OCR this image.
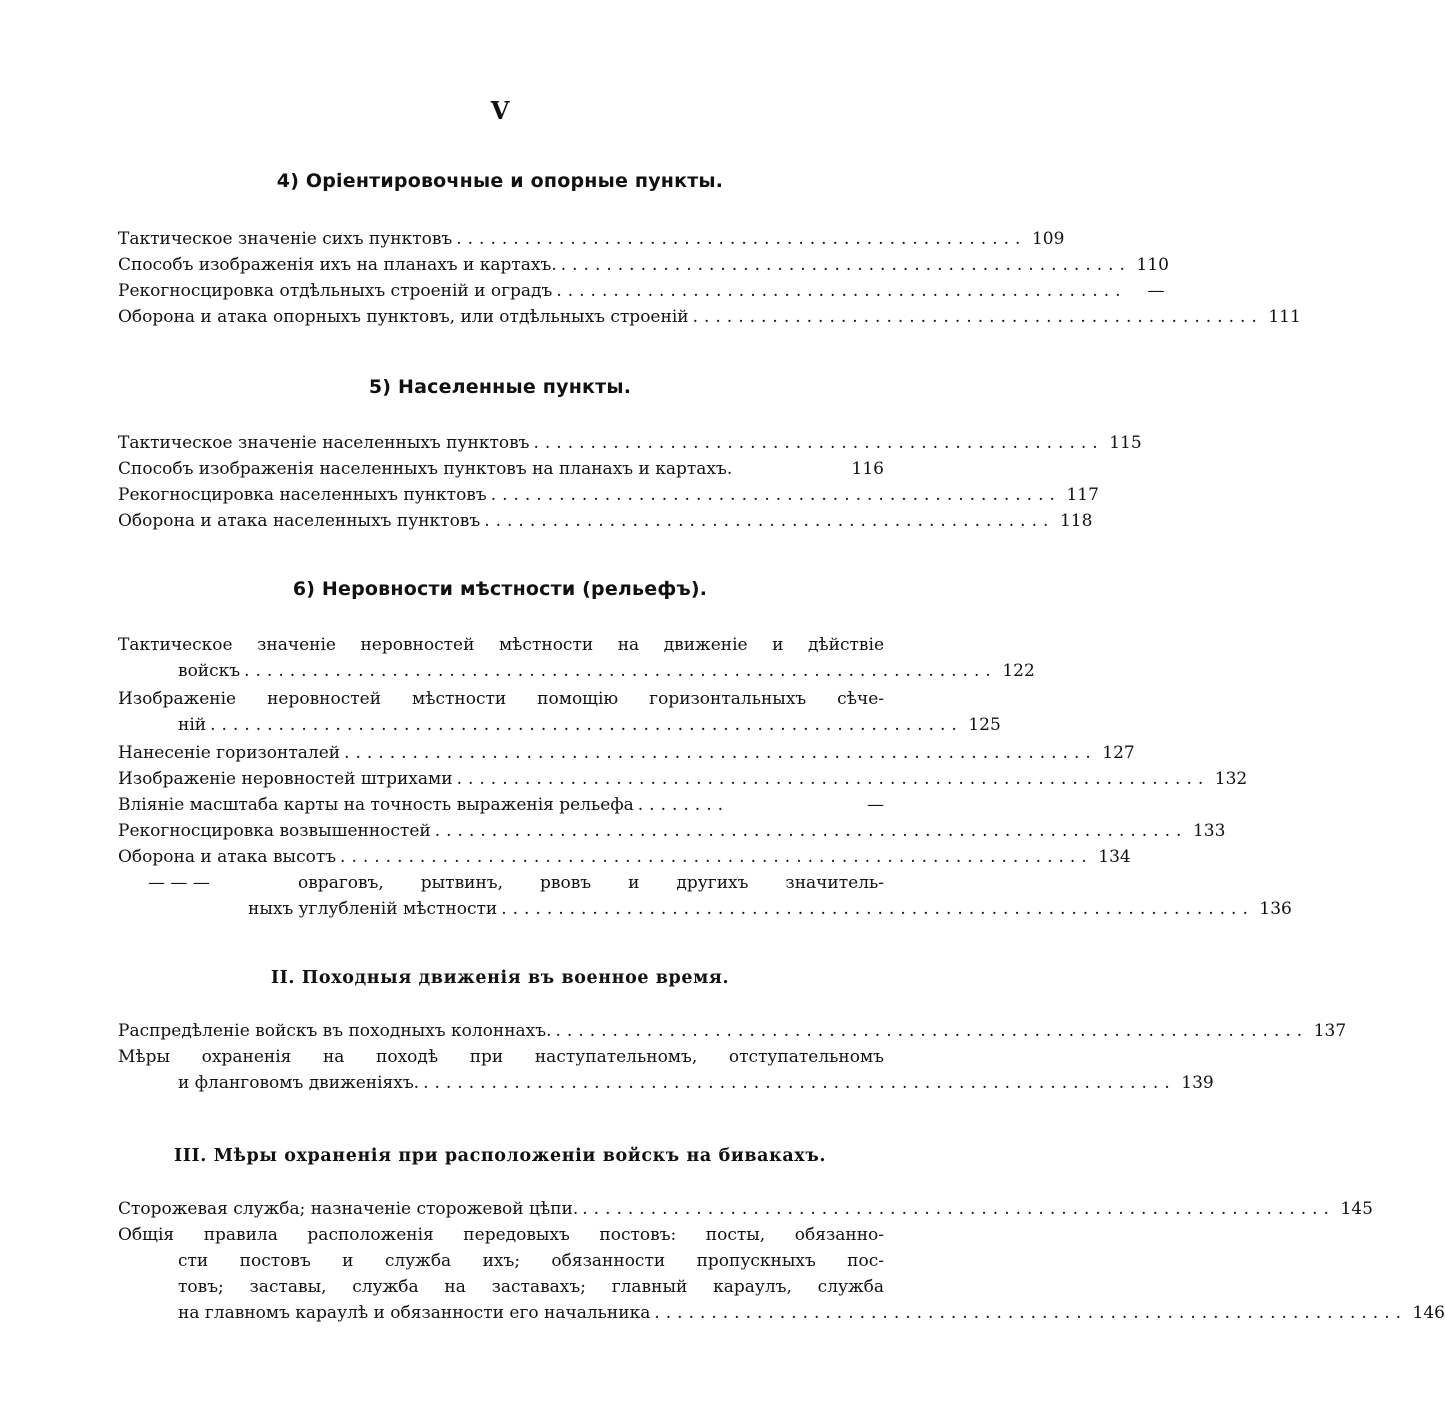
V
4) Оріентировочные и опорные пункты.
Тактическое значеніе сихъ пунктовъ .................................................. 109
Способъ изображенія ихъ на планахъ и картахъ. .................................................. 110
Рекогносцировка отдѣльныхъ строеній и оградъ ..................................................	—
Оборона и атака опорныхъ пунктовъ, или отдѣльныхъ строеній .................................................. 111
5) Населенные пункты.
Тактическое значеніе населенныхъ пунктовъ .................................................. 115
Способъ изображенія населенныхъ пунктовъ на планахъ и картахъ.	116
Рекогносцировка населенныхъ пунктовъ .................................................. 117
Оборона и атака населенныхъ пунктовъ .................................................. 118
6) Неровности мѣстности (рельефъ).
Тактическое значеніе неровностей мѣстности на движеніе и дѣйствіе
войскъ .................................................................. 122
Изображеніе неровностей мѣстности помощію горизонтальныхъ сѣче-
ній .................................................................. 125
Нанесеніе горизонталей .................................................................. 127
Изображеніе неровностей штрихами .................................................................. 132
Вліяніе масштаба карты на точность выраженія рельефа ........	—
Рекогносцировка возвышенностей .................................................................. 133
Оборона и атака высотъ .................................................................. 134
— — —	овраговъ, рытвинъ, рвовъ и другихъ значитель-
ныхъ углубленій мѣстности .................................................................. 136
II. Походныя движенія въ военное время.
Распредѣленіе войскъ въ походныхъ колоннахъ. .................................................................. 137
Мѣры охраненія на походѣ при наступательномъ, отступательномъ
и фланговомъ движеніяхъ. .................................................................. 139
III. Мѣры охраненія при расположеніи войскъ на бивакахъ.
Сторожевая служба; назначеніе сторожевой цѣпи. .................................................................. 145
Общія правила расположенія передовыхъ постовъ: посты, обязанно-
сти постовъ и служба ихъ; обязанности пропускныхъ пос-
товъ; заставы, служба на заставахъ; главный караулъ, служба
на главномъ караулѣ и обязанности его начальника .................................................................. 146
